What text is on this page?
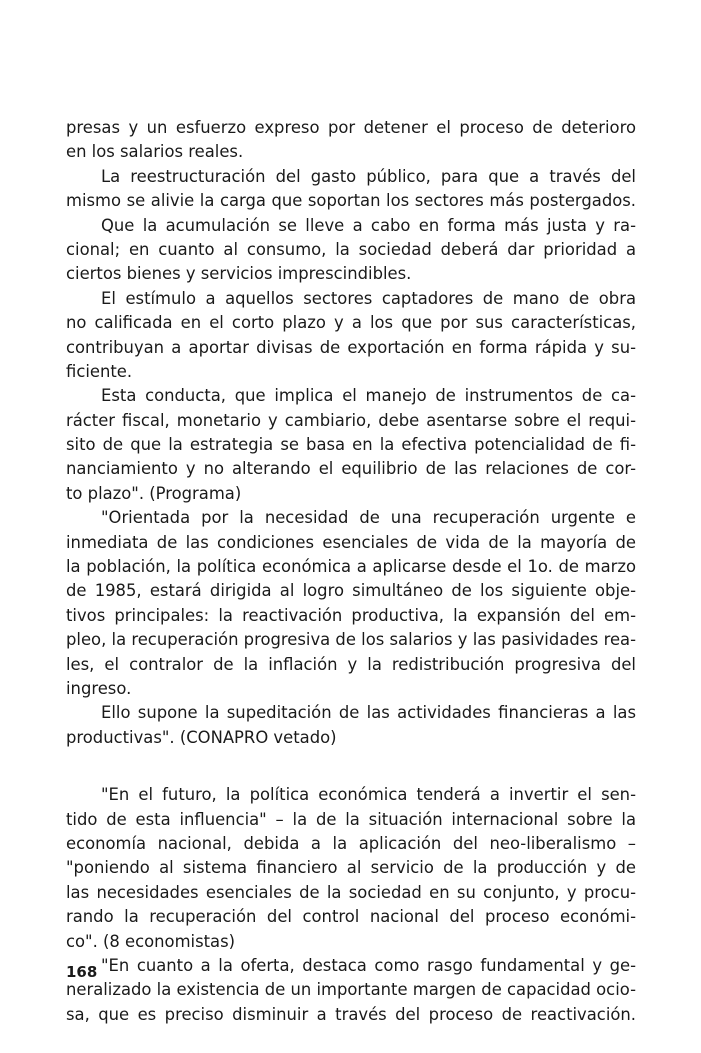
presas y un esfuerzo expreso por detener el proceso de deterioro
en los salarios reales.
La reestructuración del gasto público, para que a través del
mismo se alivie la carga que soportan los sectores más postergados.
Que la acumulación se lleve a cabo en forma más justa y ra-
cional; en cuanto al consumo, la sociedad deberá dar prioridad a
ciertos bienes y servicios imprescindibles.
El estímulo a aquellos sectores captadores de mano de obra
no calificada en el corto plazo y a los que por sus características,
contribuyan a aportar divisas de exportación en forma rápida y su-
ficiente.
Esta conducta, que implica el manejo de instrumentos de ca-
rácter fiscal, monetario y cambiario, debe asentarse sobre el requi-
sito de que la estrategia se basa en la efectiva potencialidad de fi-
nanciamiento y no alterando el equilibrio de las relaciones de cor-
to plazo". (Programa)
"Orientada por la necesidad de una recuperación urgente e
inmediata de las condiciones esenciales de vida de la mayoría de
la población, la política económica a aplicarse desde el 1o. de marzo
de 1985, estará dirigida al logro simultáneo de los siguiente obje-
tivos principales: la reactivación productiva, la expansión del em-
pleo, la recuperación progresiva de los salarios y las pasividades rea-
les, el contralor de la inflación y la redistribución progresiva del
ingreso.
Ello supone la supeditación de las actividades financieras a las
productivas". (CONAPRO vetado)
"En el futuro, la política económica tenderá a invertir el sen-
tido de esta influencia" – la de la situación internacional sobre la
economía nacional, debida a la aplicación del neo-liberalismo –
"poniendo al sistema financiero al servicio de la producción y de
las necesidades esenciales de la sociedad en su conjunto, y procu-
rando la recuperación del control nacional del proceso económi-
co". (8 economistas)
"En cuanto a la oferta, destaca como rasgo fundamental y ge-
neralizado la existencia de un importante margen de capacidad ocio-
sa, que es preciso disminuir a través del proceso de reactivación.
168
